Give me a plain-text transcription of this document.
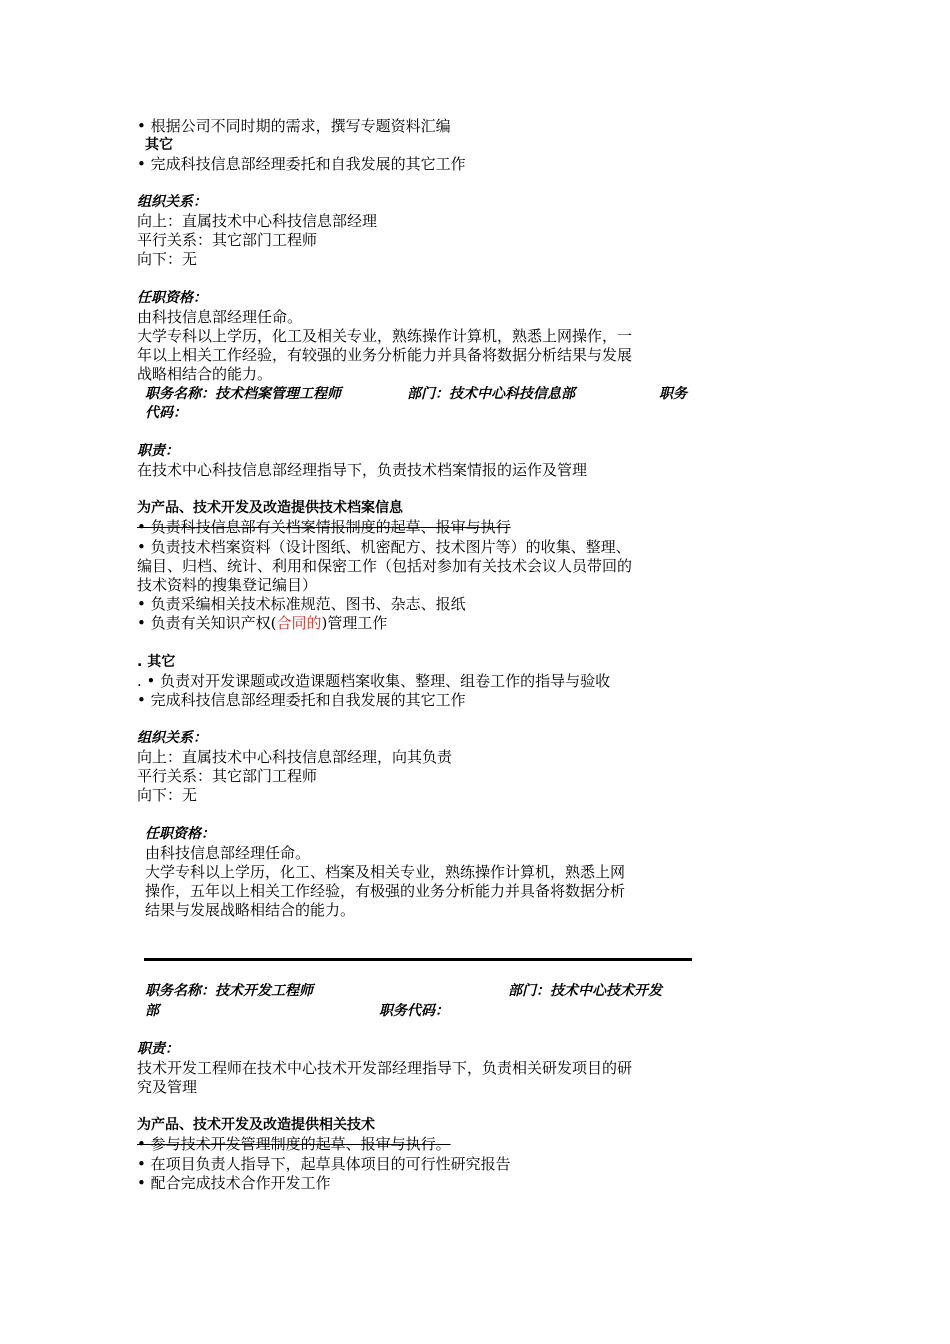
• 根据公司不同时期的需求，撰写专题资料汇编
其它
• 完成科技信息部经理委托和自我发展的其它工作
组织关系：
向上：直属技术中心科技信息部经理
平行关系：其它部门工程师
向下：无
任职资格：
由科技信息部经理任命。
大学专科以上学历，化工及相关专业，熟练操作计算机，熟悉上网操作，一
年以上相关工作经验，有较强的业务分析能力并具备将数据分析结果与发展
战略相结合的能力。
职务名称：技术档案管理工程师	部门：技术中心科技信息部	职务
代码：
职责：
在技术中心科技信息部经理指导下，负责技术档案情报的运作及管理
为产品、技术开发及改造提供技术档案信息
• 负责科技信息部有关档案情报制度的起草、报审与执行
• 负责技术档案资料（设计图纸、机密配方、技术图片等）的收集、整理、
编目、归档、统计、利用和保密工作（包括对参加有关技术会议人员带回的
技术资料的搜集登记编目）
• 负责采编相关技术标准规范、图书、杂志、报纸
• 负责有关知识产权(合同的)管理工作
. 其它
. • 负责对开发课题或改造课题档案收集、整理、组卷工作的指导与验收
• 完成科技信息部经理委托和自我发展的其它工作
组织关系：
向上：直属技术中心科技信息部经理，向其负责
平行关系：其它部门工程师
向下：无
任职资格：
由科技信息部经理任命。
大学专科以上学历，化工、档案及相关专业，熟练操作计算机，熟悉上网
操作，五年以上相关工作经验，有极强的业务分析能力并具备将数据分析
结果与发展战略相结合的能力。
职务名称：技术开发工程师	部门：技术中心技术开发
部	职务代码：
职责：
技术开发工程师在技术中心技术开发部经理指导下，负责相关研发项目的研
究及管理
为产品、技术开发及改造提供相关技术
• 参与技术开发管理制度的起草、报审与执行。
• 在项目负责人指导下，起草具体项目的可行性研究报告
• 配合完成技术合作开发工作
